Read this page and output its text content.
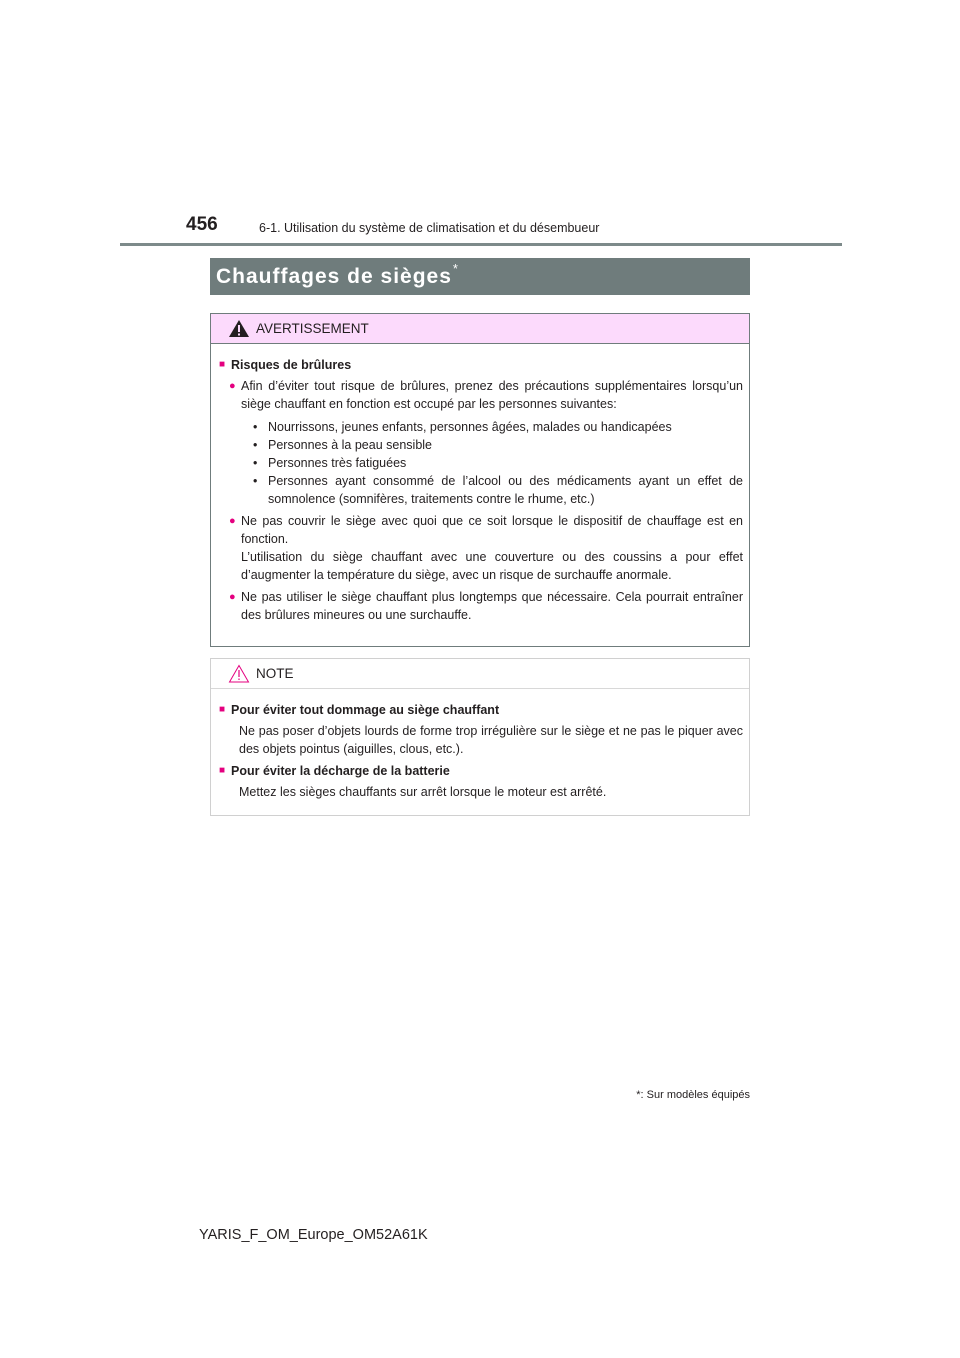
456	6-1. Utilisation du système de climatisation et du désembueur
Chauffages de sièges *
AVERTISSEMENT
■ Risques de brûlures
● Afin d’éviter tout risque de brûlures, prenez des précautions supplémentaires lorsqu’un siège chauffant en fonction est occupé par les personnes suivantes:
• Nourrissons, jeunes enfants, personnes âgées, malades ou handicapées
• Personnes à la peau sensible
• Personnes très fatiguées
• Personnes ayant consommé de l’alcool ou des médicaments ayant un effet de somnolence (somnifères, traitements contre le rhume, etc.)
● Ne pas couvrir le siège avec quoi que ce soit lorsque le dispositif de chauffage est en fonction.
L’utilisation du siège chauffant avec une couverture ou des coussins a pour effet d’augmenter la température du siège, avec un risque de surchauffe anormale.
● Ne pas utiliser le siège chauffant plus longtemps que nécessaire. Cela pourrait entraîner des brûlures mineures ou une surchauffe.
NOTE
■ Pour éviter tout dommage au siège chauffant
Ne pas poser d’objets lourds de forme trop irrégulière sur le siège et ne pas le piquer avec des objets pointus (aiguilles, clous, etc.).
■ Pour éviter la décharge de la batterie
Mettez les sièges chauffants sur arrêt lorsque le moteur est arrêté.
*: Sur modèles équipés
YARIS_F_OM_Europe_OM52A61K
